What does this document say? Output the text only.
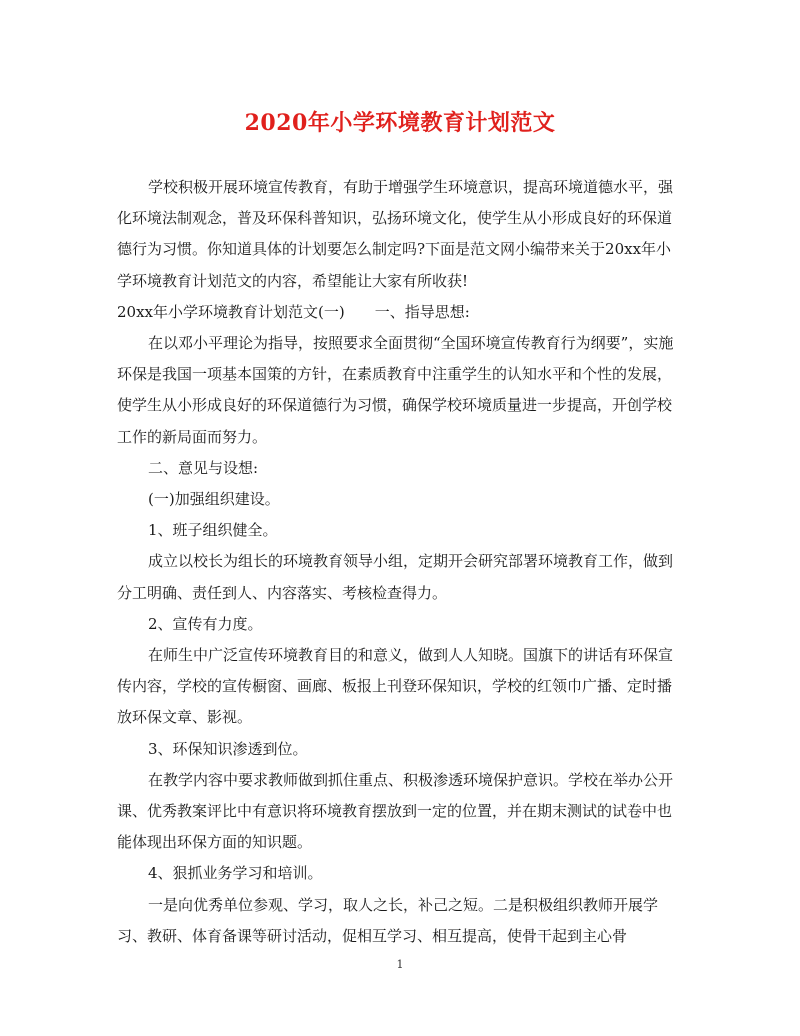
2020年小学环境教育计划范文

学校积极开展环境宣传教育，有助于增强学生环境意识，提高环境道德水平，强化环境法制观念，普及环保科普知识，弘扬环境文化，使学生从小形成良好的环保道德行为习惯。你知道具体的计划要怎么制定吗?下面是范文网小编带来关于20xx年小学环境教育计划范文的内容，希望能让大家有所收获!

20xx年小学环境教育计划范文(一)　　一、指导思想:

在以邓小平理论为指导，按照要求全面贯彻“全国环境宣传教育行为纲要”，实施环保是我国一项基本国策的方针，在素质教育中注重学生的认知水平和个性的发展，使学生从小形成良好的环保道德行为习惯，确保学校环境质量进一步提高，开创学校工作的新局面而努力。

二、意见与设想:

(一)加强组织建设。

1、班子组织健全。

成立以校长为组长的环境教育领导小组，定期开会研究部署环境教育工作，做到分工明确、责任到人、内容落实、考核检查得力。

2、宣传有力度。

在师生中广泛宣传环境教育目的和意义，做到人人知晓。国旗下的讲话有环保宣传内容，学校的宣传橱窗、画廊、板报上刊登环保知识，学校的红领巾广播、定时播放环保文章、影视。

3、环保知识渗透到位。

在教学内容中要求教师做到抓住重点、积极渗透环境保护意识。学校在举办公开课、优秀教案评比中有意识将环境教育摆放到一定的位置，并在期末测试的试卷中也能体现出环保方面的知识题。

4、狠抓业务学习和培训。

一是向优秀单位参观、学习，取人之长，补己之短。二是积极组织教师开展学习、教研、体育备课等研讨活动，促相互学习、相互提高，使骨干起到主心骨

1
